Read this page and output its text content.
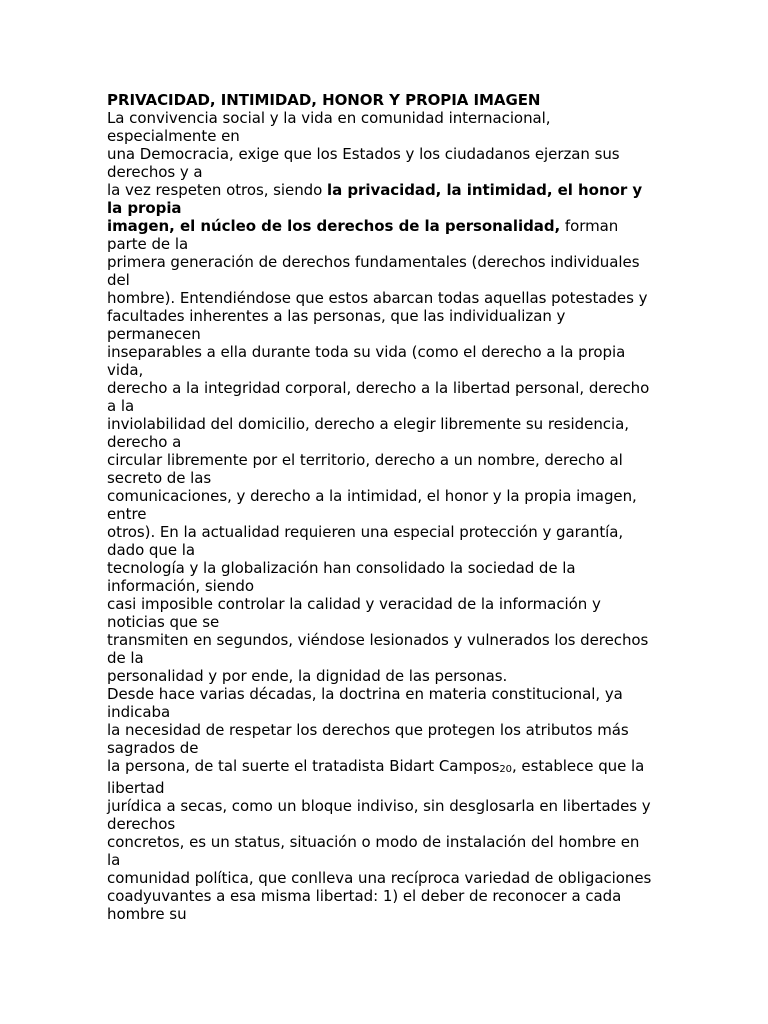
PRIVACIDAD, INTIMIDAD, HONOR Y PROPIA IMAGEN
La convivencia social y la vida en comunidad internacional,
especialmente en
una Democracia, exige que los Estados y los ciudadanos ejerzan sus
derechos y a
la vez respeten otros, siendo la privacidad, la intimidad, el honor y
la propia
imagen, el núcleo de los derechos de la personalidad, forman
parte de la
primera generación de derechos fundamentales (derechos individuales
del
hombre). Entendiéndose que estos abarcan todas aquellas potestades y
facultades inherentes a las personas, que las individualizan y
permanecen
inseparables a ella durante toda su vida (como el derecho a la propia
vida,
derecho a la integridad corporal, derecho a la libertad personal, derecho
a la
inviolabilidad del domicilio, derecho a elegir libremente su residencia,
derecho a
circular libremente por el territorio, derecho a un nombre, derecho al
secreto de las
comunicaciones, y derecho a la intimidad, el honor y la propia imagen,
entre
otros). En la actualidad requieren una especial protección y garantía,
dado que la
tecnología y la globalización han consolidado la sociedad de la
información, siendo
casi imposible controlar la calidad y veracidad de la información y
noticias que se
transmiten en segundos, viéndose lesionados y vulnerados los derechos
de la
personalidad y por ende, la dignidad de las personas.
Desde hace varias décadas, la doctrina en materia constitucional, ya
indicaba
la necesidad de respetar los derechos que protegen los atributos más
sagrados de
la persona, de tal suerte el tratadista Bidart Campos20, establece que la
libertad
jurídica a secas, como un bloque indiviso, sin desglosarla en libertades y
derechos
concretos, es un status, situación o modo de instalación del hombre en
la
comunidad política, que conlleva una recíproca variedad de obligaciones
coadyuvantes a esa misma libertad: 1) el deber de reconocer a cada
hombre su
